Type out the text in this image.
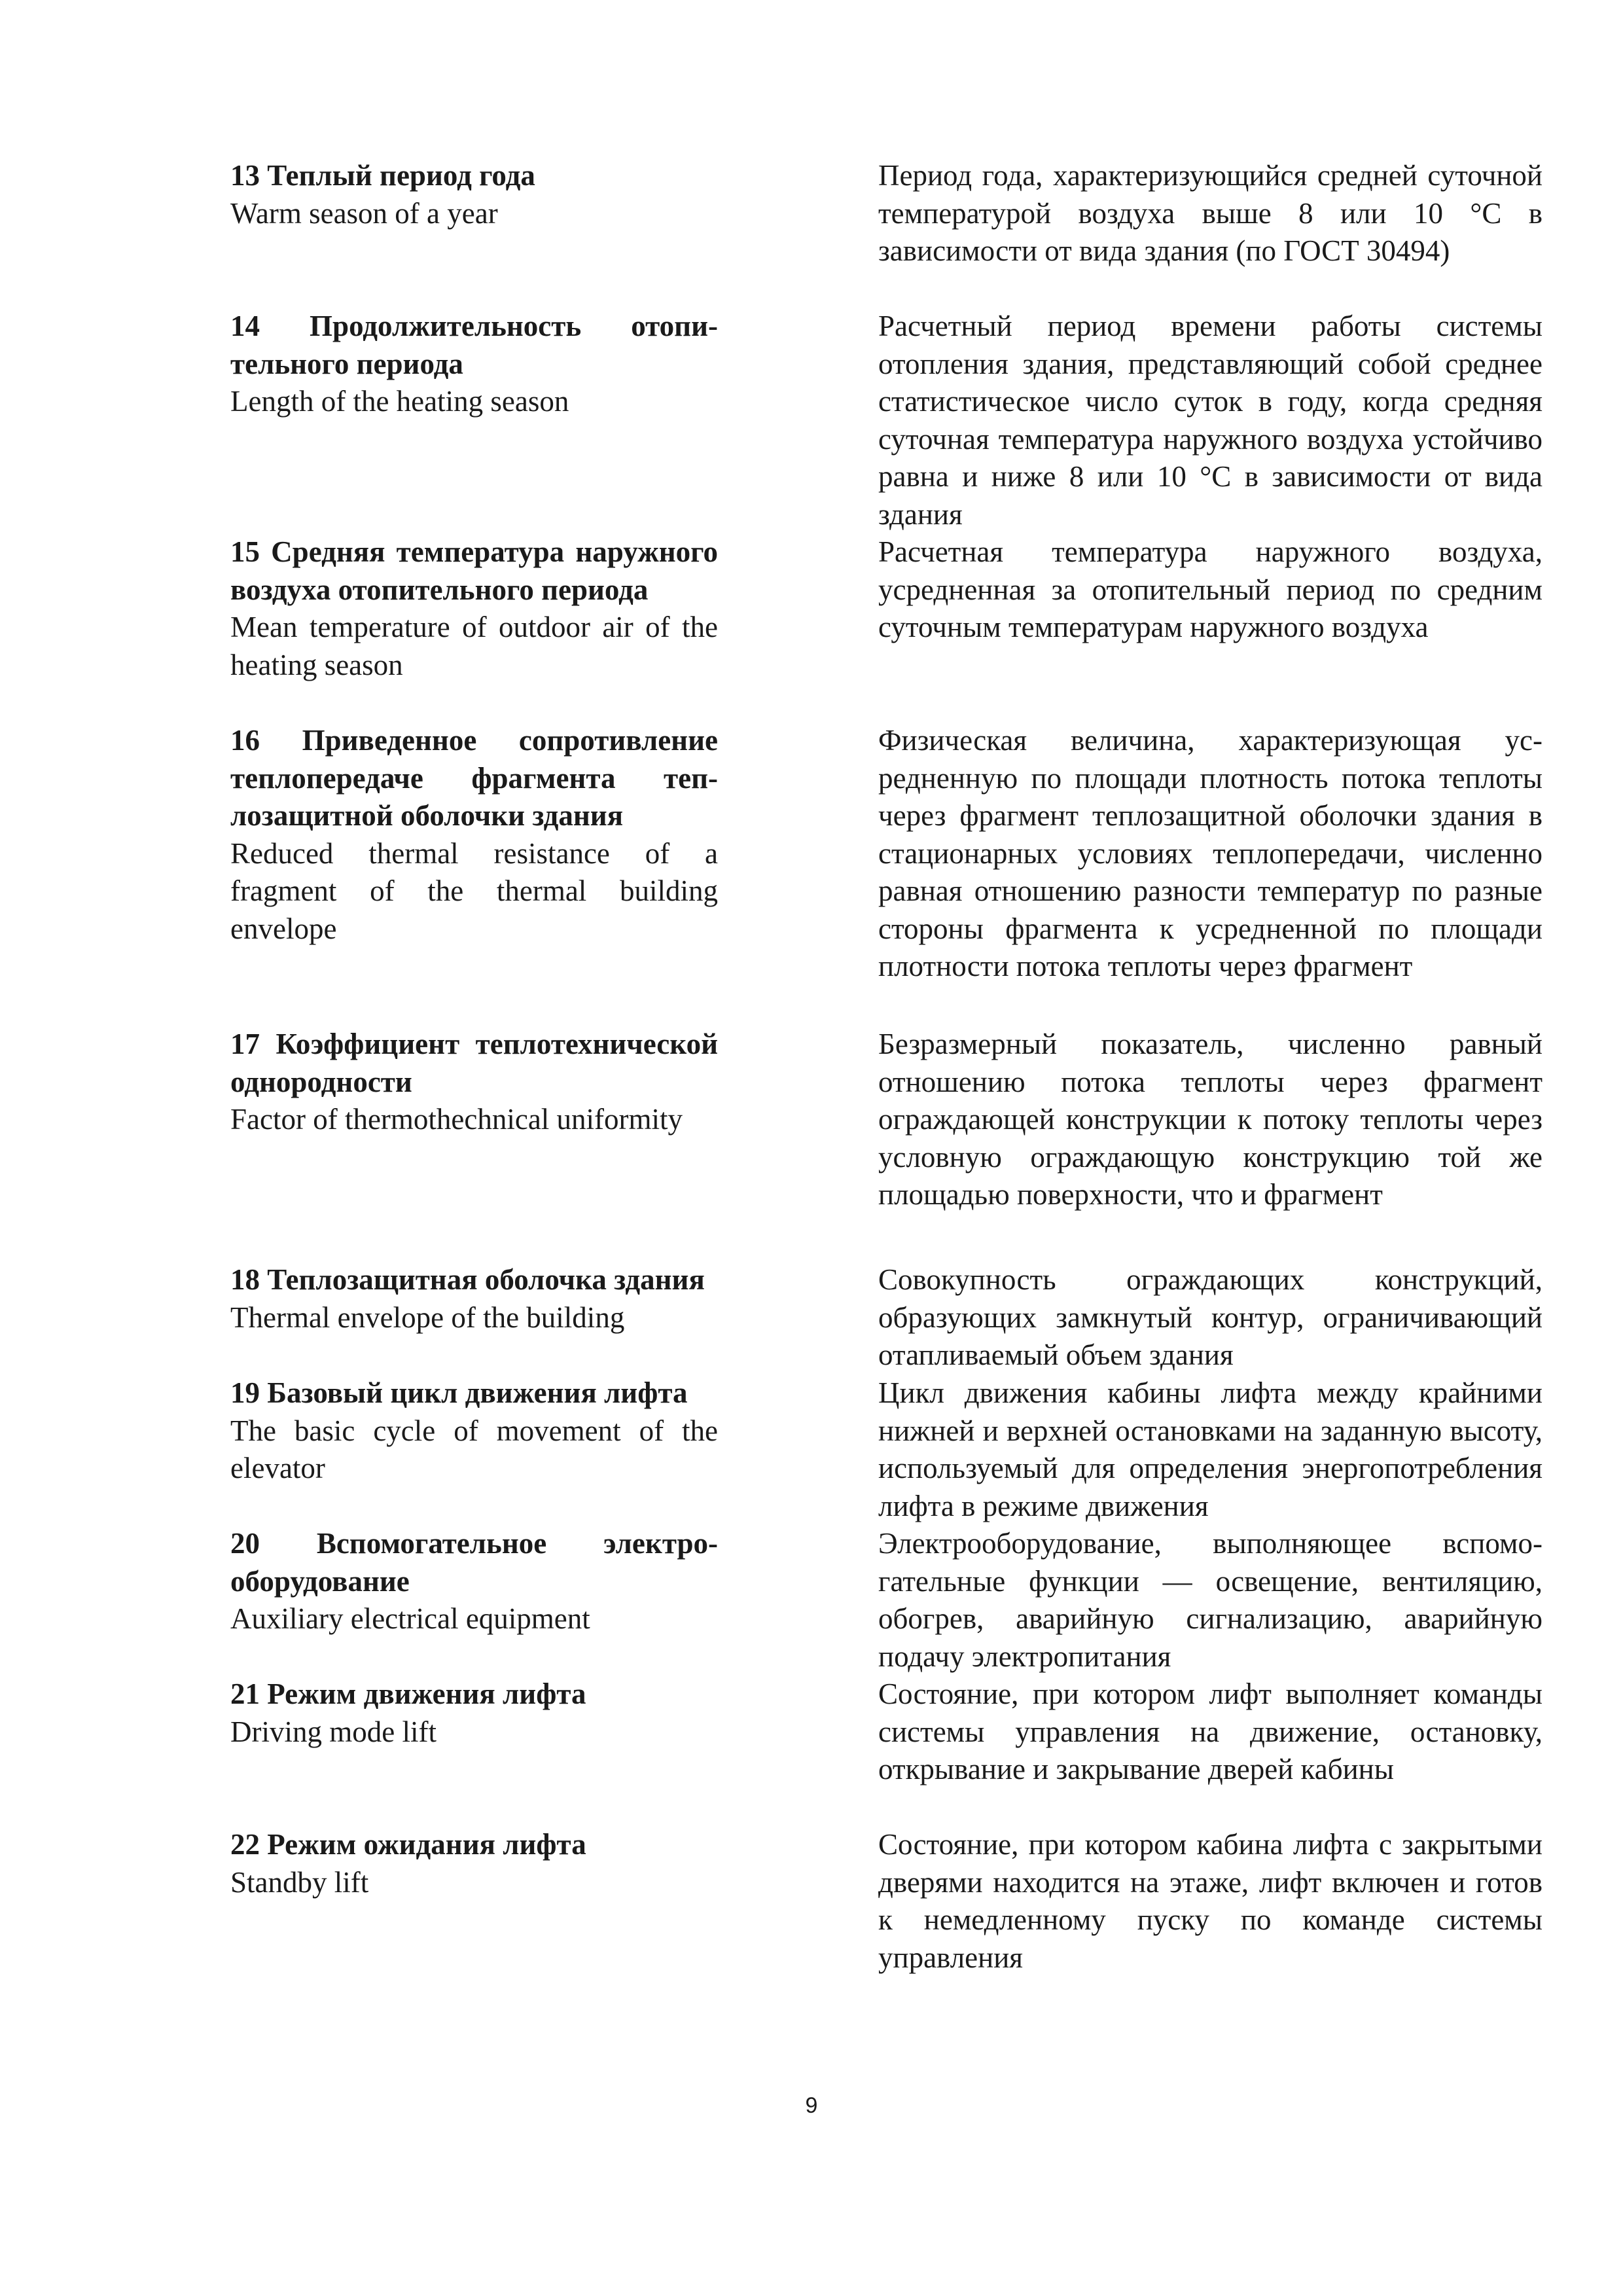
13 Теплый период года
Warm season of a year
Период года, характеризующийся средней суточной температурой воздуха выше 8 или 10 °С в зависимости от вида здания (по ГОСТ 30494)
14 Продолжительность отопительного периода
Length of the heating season
Расчетный период времени работы системы отопления здания, представляющий собой среднее статистическое число суток в году, когда средняя суточная температура наружного воздуха устойчиво равна и ниже 8 или 10 °С в зависимости от вида здания
15 Средняя температура наружного воздуха отопительного периода
Mean temperature of outdoor air of the heating season
Расчетная температура наружного воздуха, усредненная за отопительный период по средним суточным температурам наружного воздуха
16 Приведенное сопротивление теплопередаче фрагмента теплозащитной оболочки здания
Reduced thermal resistance of a fragment of the thermal building envelope
Физическая величина, характеризующая усредненную по площади плотность потока теплоты через фрагмент теплозащитной оболочки здания в стационарных условиях теплопередачи, численно равная отношению разности температур по разные стороны фрагмента к усредненной по площади плотности потока теплоты через фрагмент
17 Коэффициент теплотехнической однородности
Factor of thermothechnical uniformity
Безразмерный показатель, численно равный отношению потока теплоты через фрагмент ограждающей конструкции к потоку теплоты через условную ограждающую конструкцию той же площадью поверхности, что и фрагмент
18 Теплозащитная оболочка здания
Thermal envelope of the building
Совокупность ограждающих конструкций, образующих замкнутый контур, ограничивающий отапливаемый объем здания
19 Базовый цикл движения лифта
The basic cycle of movement of the elevator
Цикл движения кабины лифта между крайними нижней и верхней остановками на заданную высоту, используемый для определения энергопотребления лифта в режиме движения
20 Вспомогательное электрооборудование
Auxiliary electrical equipment
Электрооборудование, выполняющее вспомогательные функции — освещение, вентиляцию, обогрев, аварийную сигнализацию, аварийную подачу электропитания
21 Режим движения лифта
Driving mode lift
Состояние, при котором лифт выполняет команды системы управления на движение, остановку, открывание и закрывание дверей кабины
22 Режим ожидания лифта
Standby lift
Состояние, при котором кабина лифта с закрытыми дверями находится на этаже, лифт включен и готов к немедленному пуску по команде системы управления
9
